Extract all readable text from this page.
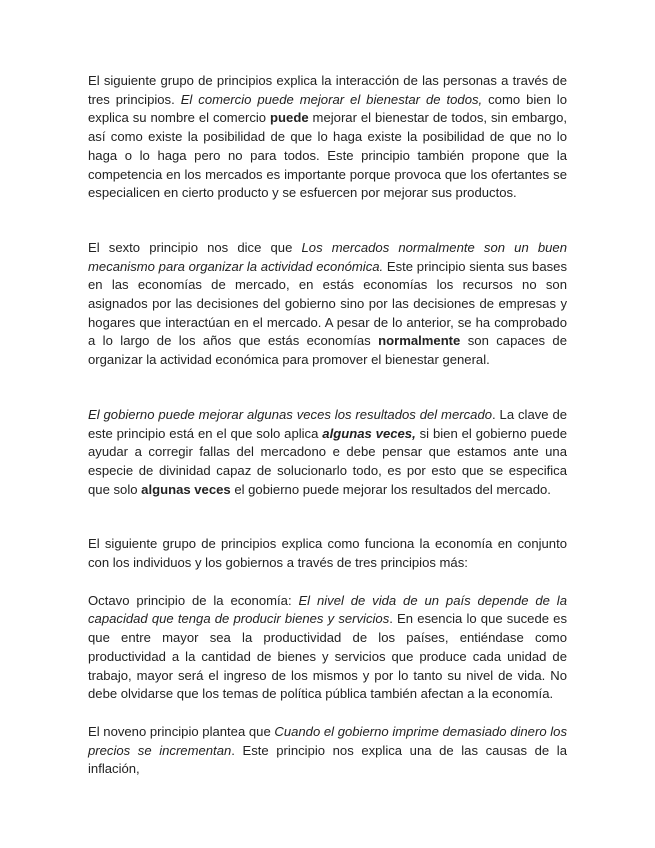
El siguiente grupo de principios explica la interacción de las personas a través de tres principios. El comercio puede mejorar el bienestar de todos, como bien lo explica su nombre el comercio puede mejorar el bienestar de todos, sin embargo, así como existe la posibilidad de que lo haga existe la posibilidad de que no lo haga o lo haga pero no para todos. Este principio también propone que la competencia en los mercados es importante porque provoca que los ofertantes se especialicen en cierto producto y se esfuercen por mejorar sus productos.

El sexto principio nos dice que Los mercados normalmente son un buen mecanismo para organizar la actividad económica. Este principio sienta sus bases en las economías de mercado, en estás economías los recursos no son asignados por las decisiones del gobierno sino por las decisiones de empresas y hogares que interactúan en el mercado. A pesar de lo anterior, se ha comprobado a lo largo de los años que estás economías normalmente son capaces de organizar la actividad económica para promover el bienestar general.

El gobierno puede mejorar algunas veces los resultados del mercado. La clave de este principio está en el que solo aplica algunas veces, si bien el gobierno puede ayudar a corregir fallas del mercadono e debe pensar que estamos ante una especie de divinidad capaz de solucionarlo todo, es por esto que se especifica que solo algunas veces el gobierno puede mejorar los resultados del mercado.

El siguiente grupo de principios explica como funciona la economía en conjunto con los individuos y los gobiernos a través de tres principios más:

Octavo principio de la economía: El nivel de vida de un país depende de la capacidad que tenga de producir bienes y servicios. En esencia lo que sucede es que entre mayor sea la productividad de los países, entiéndase como productividad a la cantidad de bienes y servicios que produce cada unidad de trabajo, mayor será el ingreso de los mismos y por lo tanto su nivel de vida. No debe olvidarse que los temas de política pública también afectan a la economía.

El noveno principio plantea que Cuando el gobierno imprime demasiado dinero los precios se incrementan. Este principio nos explica una de las causas de la inflación,
